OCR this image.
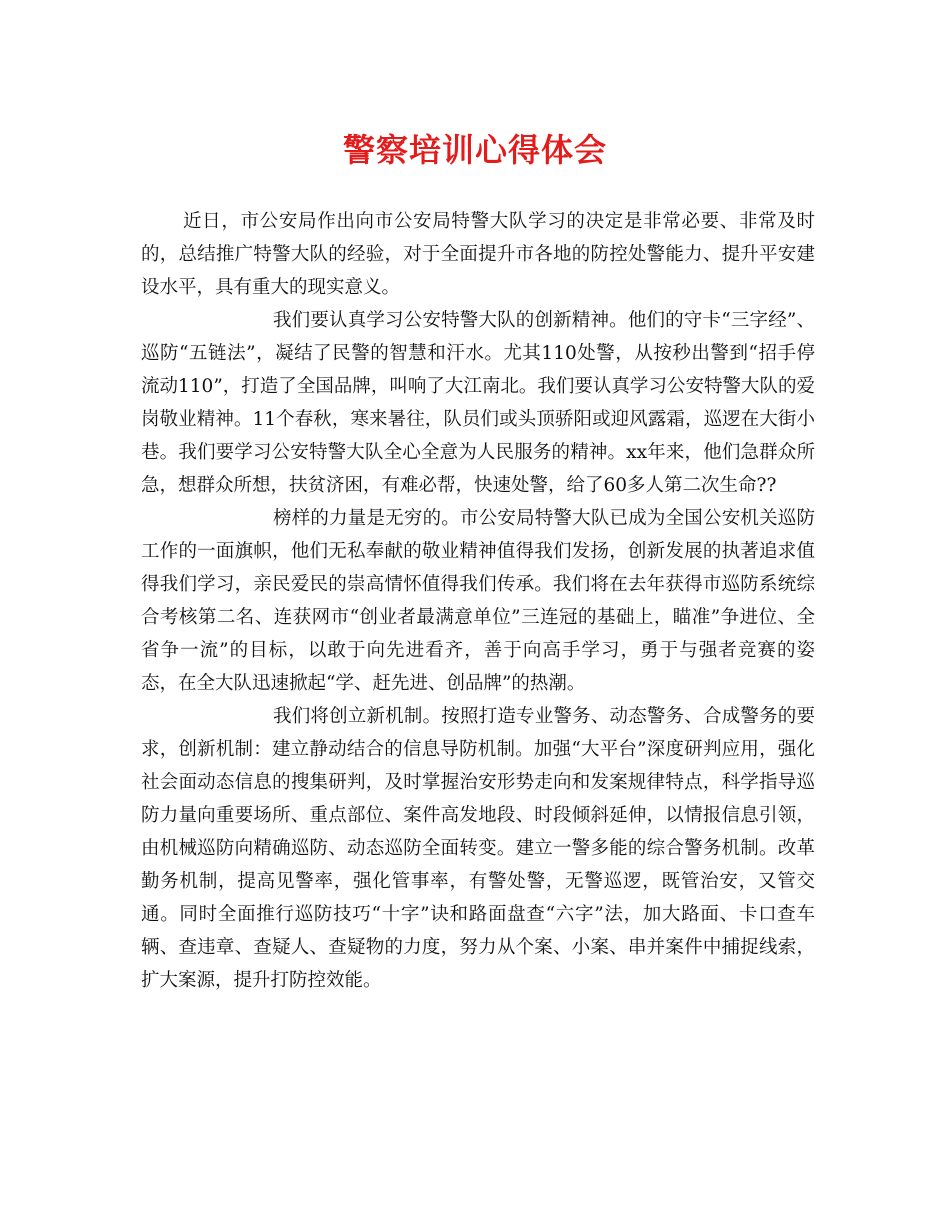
警察培训心得体会

近日，市公安局作出向市公安局特警大队学习的决定是非常必要、非常及时的，总结推广特警大队的经验，对于全面提升市各地的防控处警能力、提升平安建设水平，具有重大的现实意义。

我们要认真学习公安特警大队的创新精神。他们的守卡“三字经”、巡防“五链法”，凝结了民警的智慧和汗水。尤其110处警，从按秒出警到“招手停流动110”，打造了全国品牌，叫响了大江南北。我们要认真学习公安特警大队的爱岗敬业精神。11个春秋，寒来暑往，队员们或头顶骄阳或迎风露霜，巡逻在大街小巷。我们要学习公安特警大队全心全意为人民服务的精神。xx年来，他们急群众所急，想群众所想，扶贫济困，有难必帮，快速处警，给了60多人第二次生命??

榜样的力量是无穷的。市公安局特警大队已成为全国公安机关巡防工作的一面旗帜，他们无私奉献的敬业精神值得我们发扬，创新发展的执著追求值得我们学习，亲民爱民的崇高情怀值得我们传承。我们将在去年获得市巡防系统综合考核第二名、连获网市“创业者最满意单位”三连冠的基础上，瞄准”争进位、全省争一流”的目标，以敢于向先进看齐，善于向高手学习，勇于与强者竞赛的姿态，在全大队迅速掀起“学、赶先进、创品牌”的热潮。

我们将创立新机制。按照打造专业警务、动态警务、合成警务的要求，创新机制：建立静动结合的信息导防机制。加强“大平台”深度研判应用，强化社会面动态信息的搜集研判，及时掌握治安形势走向和发案规律特点，科学指导巡防力量向重要场所、重点部位、案件高发地段、时段倾斜延伸，以情报信息引领，由机械巡防向精确巡防、动态巡防全面转变。建立一警多能的综合警务机制。改革勤务机制，提高见警率，强化管事率，有警处警，无警巡逻，既管治安，又管交通。同时全面推行巡防技巧“十字”诀和路面盘查“六字”法，加大路面、卡口查车辆、查违章、查疑人、查疑物的力度，努力从个案、小案、串并案件中捕捉线索，扩大案源，提升打防控效能。
